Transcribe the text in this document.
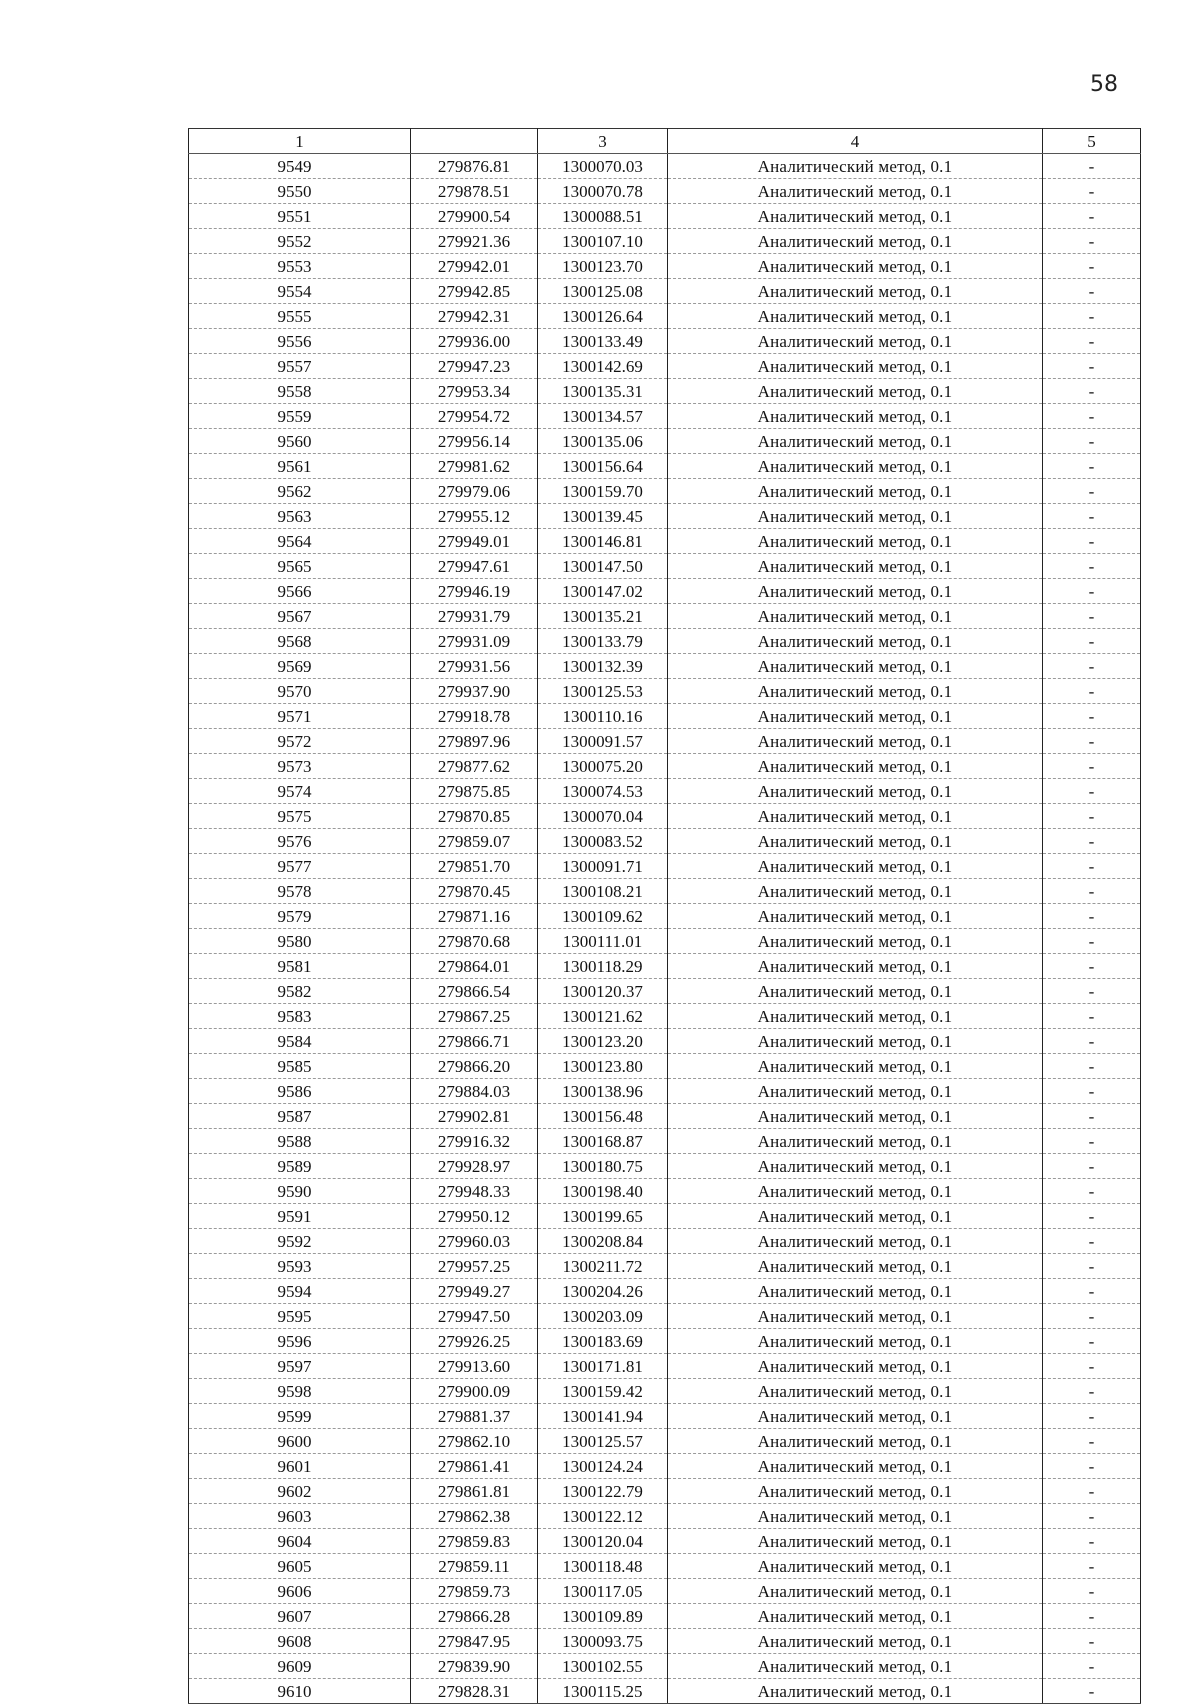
58
1		3	4	5
9549	279876.81	1300070.03	Аналитический метод, 0.1	-
9550	279878.51	1300070.78	Аналитический метод, 0.1	-
9551	279900.54	1300088.51	Аналитический метод, 0.1	-
9552	279921.36	1300107.10	Аналитический метод, 0.1	-
9553	279942.01	1300123.70	Аналитический метод, 0.1	-
9554	279942.85	1300125.08	Аналитический метод, 0.1	-
9555	279942.31	1300126.64	Аналитический метод, 0.1	-
9556	279936.00	1300133.49	Аналитический метод, 0.1	-
9557	279947.23	1300142.69	Аналитический метод, 0.1	-
9558	279953.34	1300135.31	Аналитический метод, 0.1	-
9559	279954.72	1300134.57	Аналитический метод, 0.1	-
9560	279956.14	1300135.06	Аналитический метод, 0.1	-
9561	279981.62	1300156.64	Аналитический метод, 0.1	-
9562	279979.06	1300159.70	Аналитический метод, 0.1	-
9563	279955.12	1300139.45	Аналитический метод, 0.1	-
9564	279949.01	1300146.81	Аналитический метод, 0.1	-
9565	279947.61	1300147.50	Аналитический метод, 0.1	-
9566	279946.19	1300147.02	Аналитический метод, 0.1	-
9567	279931.79	1300135.21	Аналитический метод, 0.1	-
9568	279931.09	1300133.79	Аналитический метод, 0.1	-
9569	279931.56	1300132.39	Аналитический метод, 0.1	-
9570	279937.90	1300125.53	Аналитический метод, 0.1	-
9571	279918.78	1300110.16	Аналитический метод, 0.1	-
9572	279897.96	1300091.57	Аналитический метод, 0.1	-
9573	279877.62	1300075.20	Аналитический метод, 0.1	-
9574	279875.85	1300074.53	Аналитический метод, 0.1	-
9575	279870.85	1300070.04	Аналитический метод, 0.1	-
9576	279859.07	1300083.52	Аналитический метод, 0.1	-
9577	279851.70	1300091.71	Аналитический метод, 0.1	-
9578	279870.45	1300108.21	Аналитический метод, 0.1	-
9579	279871.16	1300109.62	Аналитический метод, 0.1	-
9580	279870.68	1300111.01	Аналитический метод, 0.1	-
9581	279864.01	1300118.29	Аналитический метод, 0.1	-
9582	279866.54	1300120.37	Аналитический метод, 0.1	-
9583	279867.25	1300121.62	Аналитический метод, 0.1	-
9584	279866.71	1300123.20	Аналитический метод, 0.1	-
9585	279866.20	1300123.80	Аналитический метод, 0.1	-
9586	279884.03	1300138.96	Аналитический метод, 0.1	-
9587	279902.81	1300156.48	Аналитический метод, 0.1	-
9588	279916.32	1300168.87	Аналитический метод, 0.1	-
9589	279928.97	1300180.75	Аналитический метод, 0.1	-
9590	279948.33	1300198.40	Аналитический метод, 0.1	-
9591	279950.12	1300199.65	Аналитический метод, 0.1	-
9592	279960.03	1300208.84	Аналитический метод, 0.1	-
9593	279957.25	1300211.72	Аналитический метод, 0.1	-
9594	279949.27	1300204.26	Аналитический метод, 0.1	-
9595	279947.50	1300203.09	Аналитический метод, 0.1	-
9596	279926.25	1300183.69	Аналитический метод, 0.1	-
9597	279913.60	1300171.81	Аналитический метод, 0.1	-
9598	279900.09	1300159.42	Аналитический метод, 0.1	-
9599	279881.37	1300141.94	Аналитический метод, 0.1	-
9600	279862.10	1300125.57	Аналитический метод, 0.1	-
9601	279861.41	1300124.24	Аналитический метод, 0.1	-
9602	279861.81	1300122.79	Аналитический метод, 0.1	-
9603	279862.38	1300122.12	Аналитический метод, 0.1	-
9604	279859.83	1300120.04	Аналитический метод, 0.1	-
9605	279859.11	1300118.48	Аналитический метод, 0.1	-
9606	279859.73	1300117.05	Аналитический метод, 0.1	-
9607	279866.28	1300109.89	Аналитический метод, 0.1	-
9608	279847.95	1300093.75	Аналитический метод, 0.1	-
9609	279839.90	1300102.55	Аналитический метод, 0.1	-
9610	279828.31	1300115.25	Аналитический метод, 0.1	-
